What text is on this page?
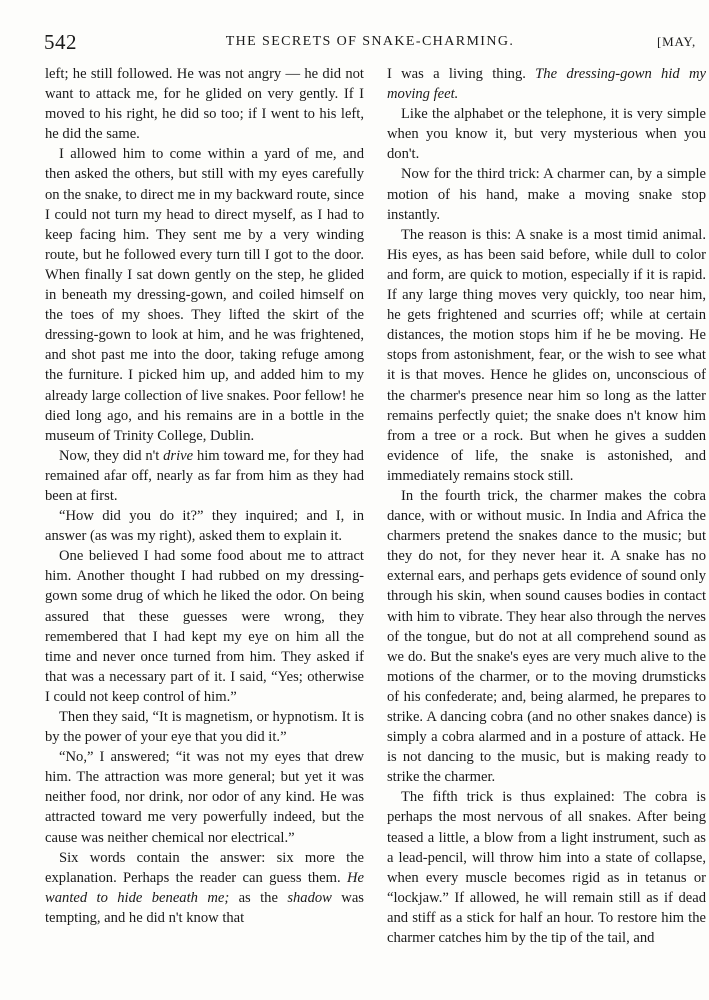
542	THE SECRETS OF SNAKE-CHARMING.	[MAY,

left; he still followed. He was not angry — he did not want to attack me, for he glided on very gently. If I moved to his right, he did so too; if I went to his left, he did the same.

I allowed him to come within a yard of me, and then asked the others, but still with my eyes carefully on the snake, to direct me in my backward route, since I could not turn my head to direct myself, as I had to keep facing him. They sent me by a very winding route, but he followed every turn till I got to the door. When finally I sat down gently on the step, he glided in beneath my dressing-gown, and coiled himself on the toes of my shoes. They lifted the skirt of the dressing-gown to look at him, and he was frightened, and shot past me into the door, taking refuge among the furniture. I picked him up, and added him to my already large collection of live snakes. Poor fellow! he died long ago, and his remains are in a bottle in the museum of Trinity College, Dublin.

Now, they did n't drive him toward me, for they had remained afar off, nearly as far from him as they had been at first.

“How did you do it?” they inquired; and I, in answer (as was my right), asked them to explain it.

One believed I had some food about me to attract him. Another thought I had rubbed on my dressing-gown some drug of which he liked the odor. On being assured that these guesses were wrong, they remembered that I had kept my eye on him all the time and never once turned from him. They asked if that was a necessary part of it. I said, “Yes; otherwise I could not keep control of him.”

Then they said, “It is magnetism, or hypnotism. It is by the power of your eye that you did it.”

“No,” I answered; “it was not my eyes that drew him. The attraction was more general; but yet it was neither food, nor drink, nor odor of any kind. He was attracted toward me very powerfully indeed, but the cause was neither chemical nor electrical.”

Six words contain the answer: six more the explanation. Perhaps the reader can guess them. He wanted to hide beneath me; as the shadow was tempting, and he did n't know that

I was a living thing. The dressing-gown hid my moving feet.

Like the alphabet or the telephone, it is very simple when you know it, but very mysterious when you don't.

Now for the third trick: A charmer can, by a simple motion of his hand, make a moving snake stop instantly.

The reason is this: A snake is a most timid animal. His eyes, as has been said before, while dull to color and form, are quick to motion, especially if it is rapid. If any large thing moves very quickly, too near him, he gets frightened and scurries off; while at certain distances, the motion stops him if he be moving. He stops from astonishment, fear, or the wish to see what it is that moves. Hence he glides on, unconscious of the charmer's presence near him so long as the latter remains perfectly quiet; the snake does n't know him from a tree or a rock. But when he gives a sudden evidence of life, the snake is astonished, and immediately remains stock still.

In the fourth trick, the charmer makes the cobra dance, with or without music. In India and Africa the charmers pretend the snakes dance to the music; but they do not, for they never hear it. A snake has no external ears, and perhaps gets evidence of sound only through his skin, when sound causes bodies in contact with him to vibrate. They hear also through the nerves of the tongue, but do not at all comprehend sound as we do. But the snake's eyes are very much alive to the motions of the charmer, or to the moving drumsticks of his confederate; and, being alarmed, he prepares to strike. A dancing cobra (and no other snakes dance) is simply a cobra alarmed and in a posture of attack. He is not dancing to the music, but is making ready to strike the charmer.

The fifth trick is thus explained: The cobra is perhaps the most nervous of all snakes. After being teased a little, a blow from a light instrument, such as a lead-pencil, will throw him into a state of collapse, when every muscle becomes rigid as in tetanus or “lockjaw.” If allowed, he will remain still as if dead and stiff as a stick for half an hour. To restore him the charmer catches him by the tip of the tail, and
